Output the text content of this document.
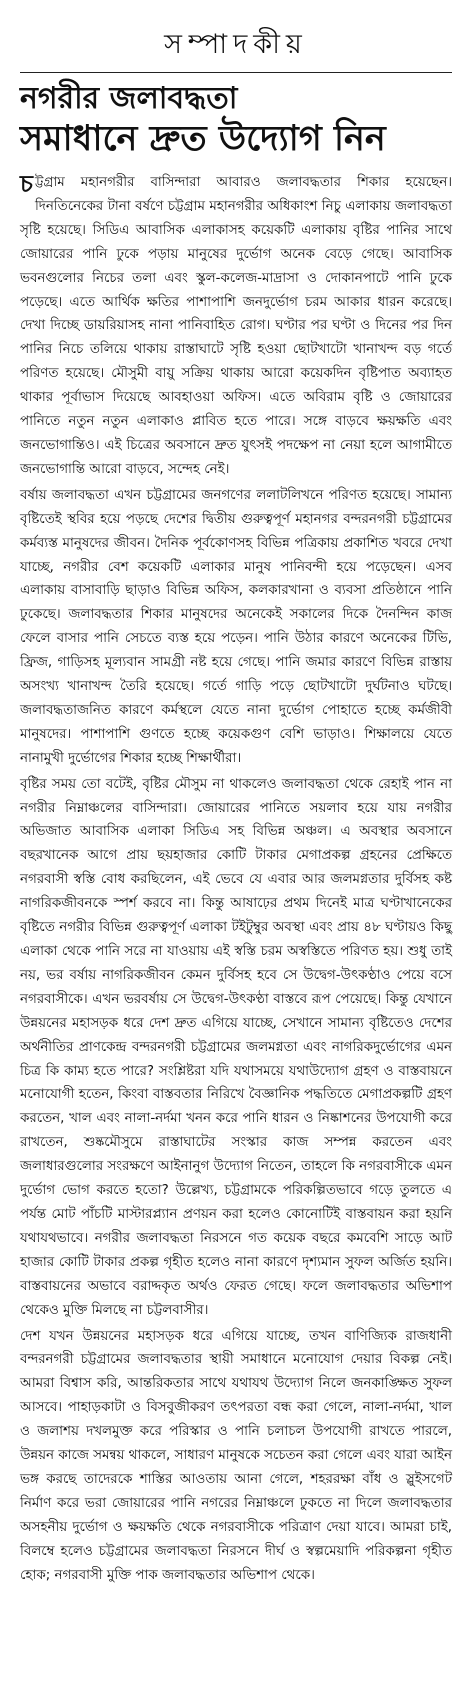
সম্পাদকীয়
নগরীর জলাবদ্ধতা
সমাধানে দ্রুত উদ্যোগ নিন

চট্টগ্রাম মহানগরীর বাসিন্দারা আবারও জলাবদ্ধতার শিকার হয়েছেন। দিনতিনেকের টানা বর্ষণে চট্টগ্রাম মহানগরীর অধিকাংশ নিচু এলাকায় জলাবদ্ধতা সৃষ্টি হয়েছে। সিডিএ আবাসিক এলাকাসহ কয়েকটি এলাকায় বৃষ্টির পানির সাথে জোয়ারের পানি ঢুকে পড়ায় মানুষের দুর্ভোগ অনেক বেড়ে গেছে। আবাসিক ভবনগুলোর নিচের তলা এবং স্কুল-কলেজ-মাদ্রাসা ও দোকানপাটে পানি ঢুকে পড়েছে। এতে আর্থিক ক্ষতির পাশাপাশি জনদুর্ভোগ চরম আকার ধারন করেছে। দেখা দিচ্ছে ডায়রিয়াসহ নানা পানিবাহিত রোগ। ঘণ্টার পর ঘণ্টা ও দিনের পর দিন পানির নিচে তলিয়ে থাকায় রাস্তাঘাটে সৃষ্টি হওয়া ছোটখাটো খানাখন্দ বড় গর্তে পরিণত হয়েছে। মৌসুমী বায়ু সক্রিয় থাকায় আরো কয়েকদিন বৃষ্টিপাত অব্যাহত থাকার পূর্বাভাস দিয়েছে আবহাওয়া অফিস। এতে অবিরাম বৃষ্টি ও জোয়ারের পানিতে নতুন নতুন এলাকাও প্লাবিত হতে পারে। সঙ্গে বাড়বে ক্ষয়ক্ষতি এবং জনভোগান্তিও। এই চিত্রের অবসানে দ্রুত যুৎসই পদক্ষেপ না নেয়া হলে আগামীতে জনভোগান্তি আরো বাড়বে, সন্দেহ নেই।

বর্ষায় জলাবদ্ধতা এখন চট্টগ্রামের জনগণের ললাটলিখনে পরিণত হয়েছে। সামান্য বৃষ্টিতেই স্থবির হয়ে পড়ছে দেশের দ্বিতীয় গুরুত্বপূর্ণ মহানগর বন্দরনগরী চট্টগ্রামের কর্মব্যস্ত মানুষদের জীবন। দৈনিক পূর্বকোণসহ বিভিন্ন পত্রিকায় প্রকাশিত খবরে দেখা যাচ্ছে, নগরীর বেশ কয়েকটি এলাকার মানুষ পানিবন্দী হয়ে পড়েছেন। এসব এলাকায় বাসাবাড়ি ছাড়াও বিভিন্ন অফিস, কলকারখানা ও ব্যবসা প্রতিষ্ঠানে পানি ঢুকেছে। জলাবদ্ধতার শিকার মানুষদের অনেকেই সকালের দিকে দৈনন্দিন কাজ ফেলে বাসার পানি সেচতে ব্যস্ত হয়ে পড়েন। পানি উঠার কারণে অনেকের টিভি, ফ্রিজ, গাড়িসহ মূল্যবান সামগ্রী নষ্ট হয়ে গেছে। পানি জমার কারণে বিভিন্ন রাস্তায় অসংখ্য খানাখন্দ তৈরি হয়েছে। গর্তে গাড়ি পড়ে ছোটখাটো দুর্ঘটনাও ঘটছে। জলাবদ্ধতাজনিত কারণে কর্মস্থলে যেতে নানা দুর্ভোগ পোহাতে হচ্ছে কর্মজীবী মানুষদের। পাশাপাশি গুণতে হচ্ছে কয়েকগুণ বেশি ভাড়াও। শিক্ষালয়ে যেতে নানামুখী দুর্ভোগের শিকার হচ্ছে শিক্ষার্থীরা।

বৃষ্টির সময় তো বটেই, বৃষ্টির মৌসুম না থাকলেও জলাবদ্ধতা থেকে রেহাই পান না নগরীর নিম্নাঞ্চলের বাসিন্দারা। জোয়ারের পানিতে সয়লাব হয়ে যায় নগরীর অভিজাত আবাসিক এলাকা সিডিএ সহ বিভিন্ন অঞ্চল। এ অবস্থার অবসানে বছরখানেক আগে প্রায় ছয়হাজার কোটি টাকার মেগাপ্রকল্প গ্রহনের প্রেক্ষিতে নগরবাসী স্বস্তি বোধ করছিলেন, এই ভেবে যে এবার আর জলমগ্নতার দুর্বিসহ কষ্ট নাগরিকজীবনকে স্পর্শ করবে না। কিন্তু আষাঢ়ের প্রথম দিনেই মাত্র ঘণ্টাখানেকের বৃষ্টিতে নগরীর বিভিন্ন গুরুত্বপূর্ণ এলাকা টইটুম্বুর অবস্থা এবং প্রায় ৪৮ ঘণ্টায়ও কিছু এলাকা থেকে পানি সরে না যাওয়ায় এই স্বস্তি চরম অস্বস্তিতে পরিণত হয়। শুধু তাই নয়, ভর বর্ষায় নাগরিকজীবন কেমন দুর্বিসহ হবে সে উদ্বেগ-উৎকণ্ঠাও পেয়ে বসে নগরবাসীকে। এখন ভরবর্ষায় সে উদ্বেগ-উৎকণ্ঠা বাস্তবে রূপ পেয়েছে। কিন্তু যেখানে উন্নয়নের মহাসড়ক ধরে দেশ দ্রুত এগিয়ে যাচ্ছে, সেখানে সামান্য বৃষ্টিতেও দেশের অর্থনীতির প্রাণকেন্দ্র বন্দরনগরী চট্টগ্রামের জলমগ্নতা এবং নাগরিকদুর্ভোগের এমন চিত্র কি কাম্য হতে পারে? সংশ্লিষ্টরা যদি যথাসময়ে যথাউদ্যোগ গ্রহণ ও বাস্তবায়নে মনোযোগী হতেন, কিংবা বাস্তবতার নিরিখে বৈজ্ঞানিক পদ্ধতিতে মেগাপ্রকল্পটি গ্রহণ করতেন, খাল এবং নালা-নর্দমা খনন করে পানি ধারন ও নিষ্কাশনের উপযোগী করে রাখতেন, শুষ্কমৌসুমে রাস্তাঘাটের সংস্কার কাজ সম্পন্ন করতেন এবং জলাধারগুলোর সংরক্ষণে আইনানুগ উদ্যোগ নিতেন, তাহলে কি নগরবাসীকে এমন দুর্ভোগ ভোগ করতে হতো? উল্লেখ্য, চট্টগ্রামকে পরিকল্পিতভাবে গড়ে তুলতে এ পর্যন্ত মোট পাঁচটি মাস্টারপ্ল্যান প্রণয়ন করা হলেও কোনোটিই বাস্তবায়ন করা হয়নি যথাযথভাবে। নগরীর জলাবদ্ধতা নিরসনে গত কয়েক বছরে কমবেশি সাড়ে আট হাজার কোটি টাকার প্রকল্প গৃহীত হলেও নানা কারণে দৃশ্যমান সুফল অর্জিত হয়নি। বাস্তবায়নের অভাবে বরাদ্দকৃত অর্থও ফেরত গেছে। ফলে জলাবদ্ধতার অভিশাপ থেকেও মুক্তি মিলছে না চট্টলবাসীর।

দেশ যখন উন্নয়নের মহাসড়ক ধরে এগিয়ে যাচ্ছে, তখন বাণিজ্যিক রাজধানী বন্দরনগরী চট্টগ্রামের জলাবদ্ধতার স্থায়ী সমাধানে মনোযোগ দেয়ার বিকল্প নেই। আমরা বিশ্বাস করি, আন্তরিকতার সাথে যথাযথ উদ্যোগ নিলে জনকাঙ্ক্ষিত সুফল আসবে। পাহাড়কাটা ও বিসবুজীকরণ তৎপরতা বন্ধ করা গেলে, নালা-নর্দমা, খাল ও জলাশয় দখলমুক্ত করে পরিস্কার ও পানি চলাচল উপযোগী রাখতে পারলে, উন্নয়ন কাজে সমন্বয় থাকলে, সাধারণ মানুষকে সচেতন করা গেলে এবং যারা আইন ভঙ্গ করছে তাদেরকে শাস্তির আওতায় আনা গেলে, শহররক্ষা বাঁধ ও স্লুইসগেট নির্মাণ করে ভরা জোয়ারের পানি নগরের নিম্নাঞ্চলে ঢুকতে না দিলে জলাবদ্ধতার অসহনীয় দুর্ভোগ ও ক্ষয়ক্ষতি থেকে নগরবাসীকে পরিত্রাণ দেয়া যাবে। আমরা চাই, বিলম্বে হলেও চট্টগ্রামের জলাবদ্ধতা নিরসনে দীর্ঘ ও স্বল্পমেয়াদি পরিকল্পনা গৃহীত হোক; নগরবাসী মুক্তি পাক জলাবদ্ধতার অভিশাপ থেকে।
